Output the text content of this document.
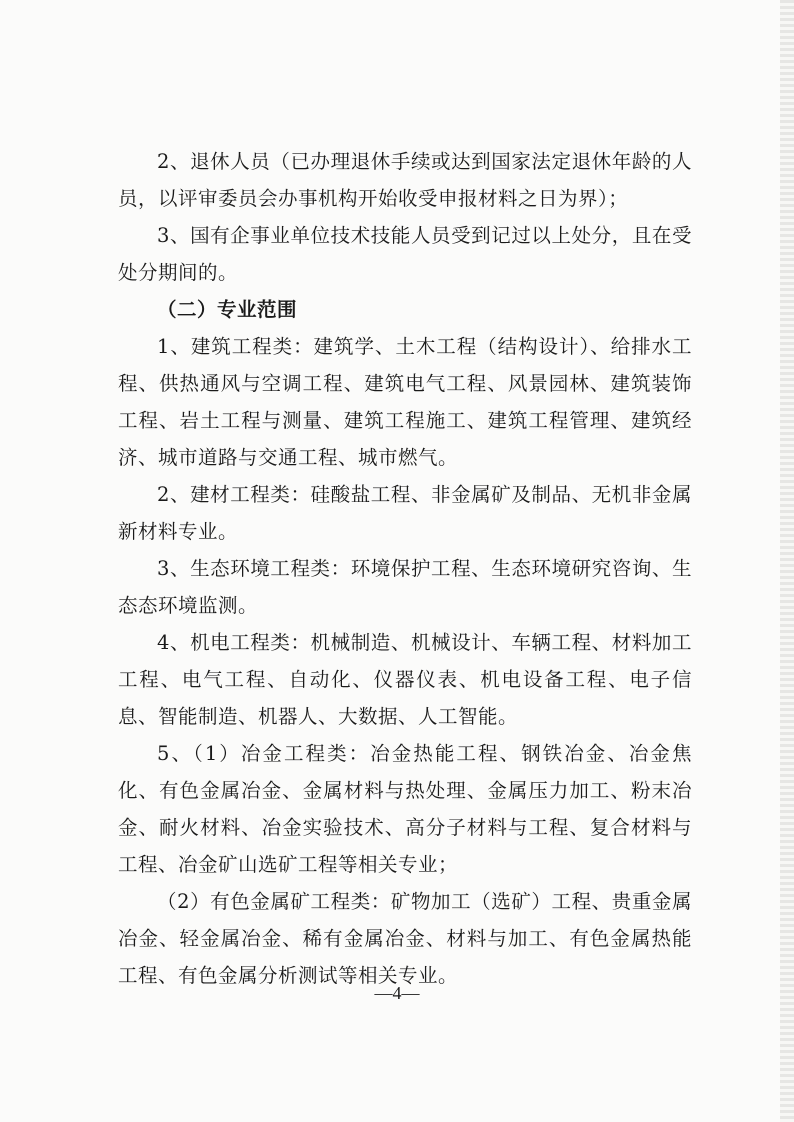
2、退休人员（已办理退休手续或达到国家法定退休年龄的人员，以评审委员会办事机构开始收受申报材料之日为界）；

3、国有企事业单位技术技能人员受到记过以上处分，且在受处分期间的。

（二）专业范围

1、建筑工程类：建筑学、土木工程（结构设计）、给排水工程、供热通风与空调工程、建筑电气工程、风景园林、建筑装饰工程、岩土工程与测量、建筑工程施工、建筑工程管理、建筑经济、城市道路与交通工程、城市燃气。

2、建材工程类：硅酸盐工程、非金属矿及制品、无机非金属新材料专业。

3、生态环境工程类：环境保护工程、生态环境研究咨询、生态态环境监测。

4、机电工程类：机械制造、机械设计、车辆工程、材料加工工程、电气工程、自动化、仪器仪表、机电设备工程、电子信息、智能制造、机器人、大数据、人工智能。

5、（1）冶金工程类：冶金热能工程、钢铁冶金、冶金焦化、有色金属冶金、金属材料与热处理、金属压力加工、粉末冶金、耐火材料、冶金实验技术、高分子材料与工程、复合材料与工程、冶金矿山选矿工程等相关专业；

（2）有色金属矿工程类：矿物加工（选矿）工程、贵重金属冶金、轻金属冶金、稀有金属冶金、材料与加工、有色金属热能工程、有色金属分析测试等相关专业。

—4—
